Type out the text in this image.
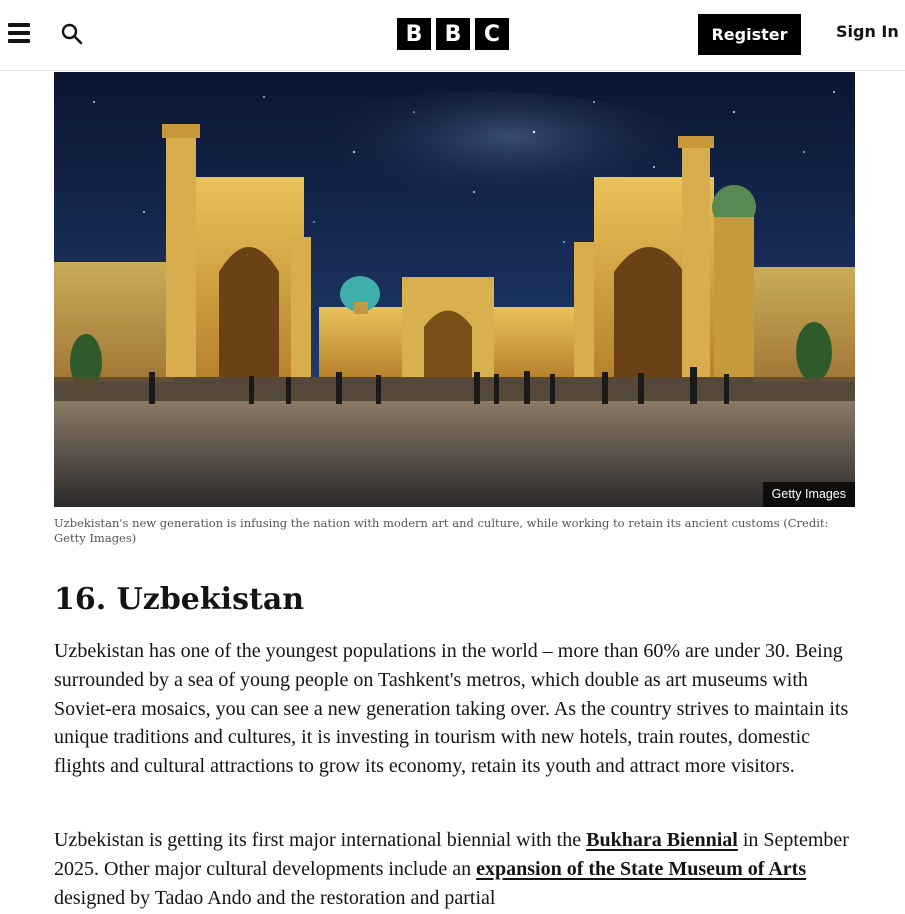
B	B	C	Register	Sign In
Getty Images
Uzbekistan's new generation is infusing the nation with modern art and culture, while working to retain its ancient customs (Credit: Getty Images)
16. Uzbekistan

Uzbekistan has one of the youngest populations in the world – more than 60% are under 30. Being surrounded by a sea of young people on Tashkent's metros, which double as art museums with Soviet-era mosaics, you can see a new generation taking over. As the country strives to maintain its unique traditions and cultures, it is investing in tourism with new hotels, train routes, domestic flights and cultural attractions to grow its economy, retain its youth and attract more visitors.

Uzbekistan is getting its first major international biennial with the Bukhara Biennial in September 2025. Other major cultural developments include an expansion of the State Museum of Arts designed by Tadao Ando and the restoration and partial
